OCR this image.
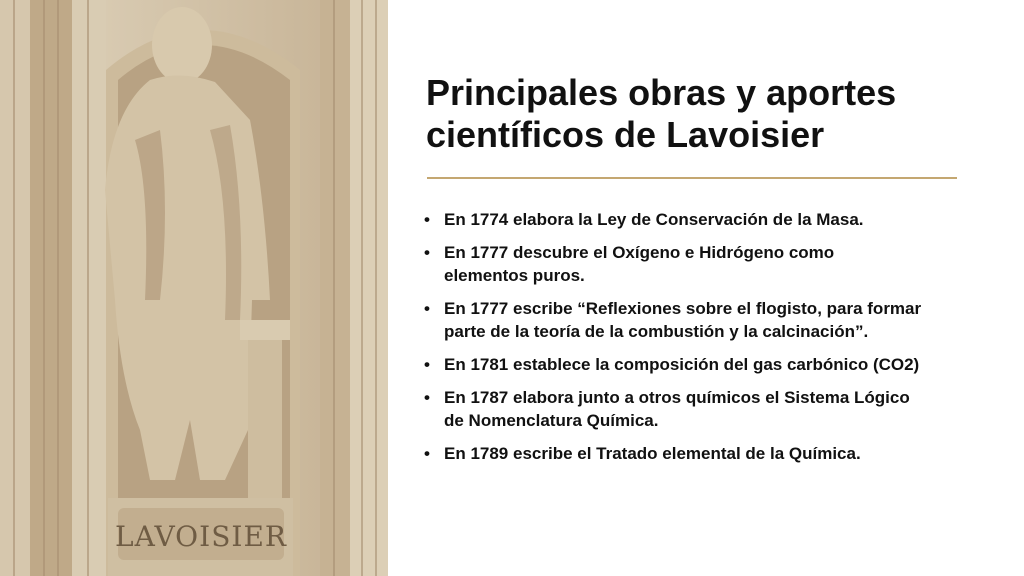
LAVOISIER
Principales obras y aportes
científicos de Lavoisier
• En 1774 elabora la Ley de Conservación de la Masa.
• En 1777 descubre el Oxígeno e Hidrógeno como
elementos puros.
• En 1777 escribe “Reflexiones sobre el flogisto, para formar
parte de la teoría de la combustión y la calcinación”.
• En 1781 establece la composición del gas carbónico (CO2)
• En 1787 elabora junto a otros químicos el Sistema Lógico
de Nomenclatura Química.
• En 1789 escribe el Tratado elemental de la Química.
